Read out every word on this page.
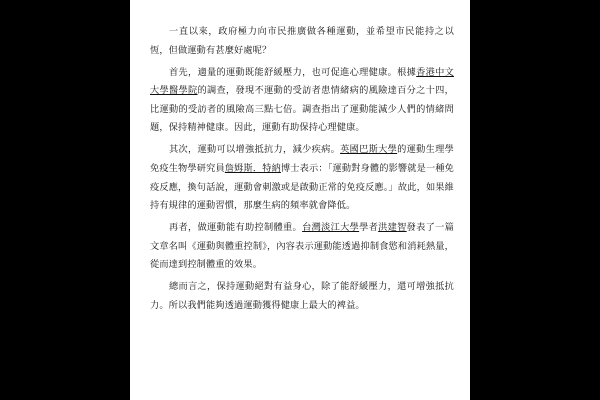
一直以來，政府極力向市民推廣做各種運動，並希望市民能持之以恆，但做運動有甚麼好處呢？

首先，適量的運動既能舒緩壓力，也可促進心理健康。根據香港中文大學醫學院的調查，發現不運動的受訪者患情緒病的風險達百分之十四，比運動的受訪者的風險高三點七倍。調查指出了運動能減少人們的情緒問題，保持精神健康。因此，運動有助保持心理健康。

其次，運動可以增強抵抗力，減少疾病。英國巴斯大學的運動生理學免疫生物學研究員詹姆斯．特納博士表示：「運動對身體的影響就是一種免疫反應，換句話說，運動會刺激或是啟動正常的免疫反應。」故此，如果維持有規律的運動習慣，那麼生病的頻率就會降低。

再者，做運動能有助控制體重。台灣淡江大學學者洪建智發表了一篇文章名叫《運動與體重控制》，內容表示運動能透過抑制食慾和消耗熱量，從而達到控制體重的效果。

總而言之，保持運動絕對有益身心，除了能舒緩壓力，還可增強抵抗力。所以我們能夠透過運動獲得健康上最大的裨益。
